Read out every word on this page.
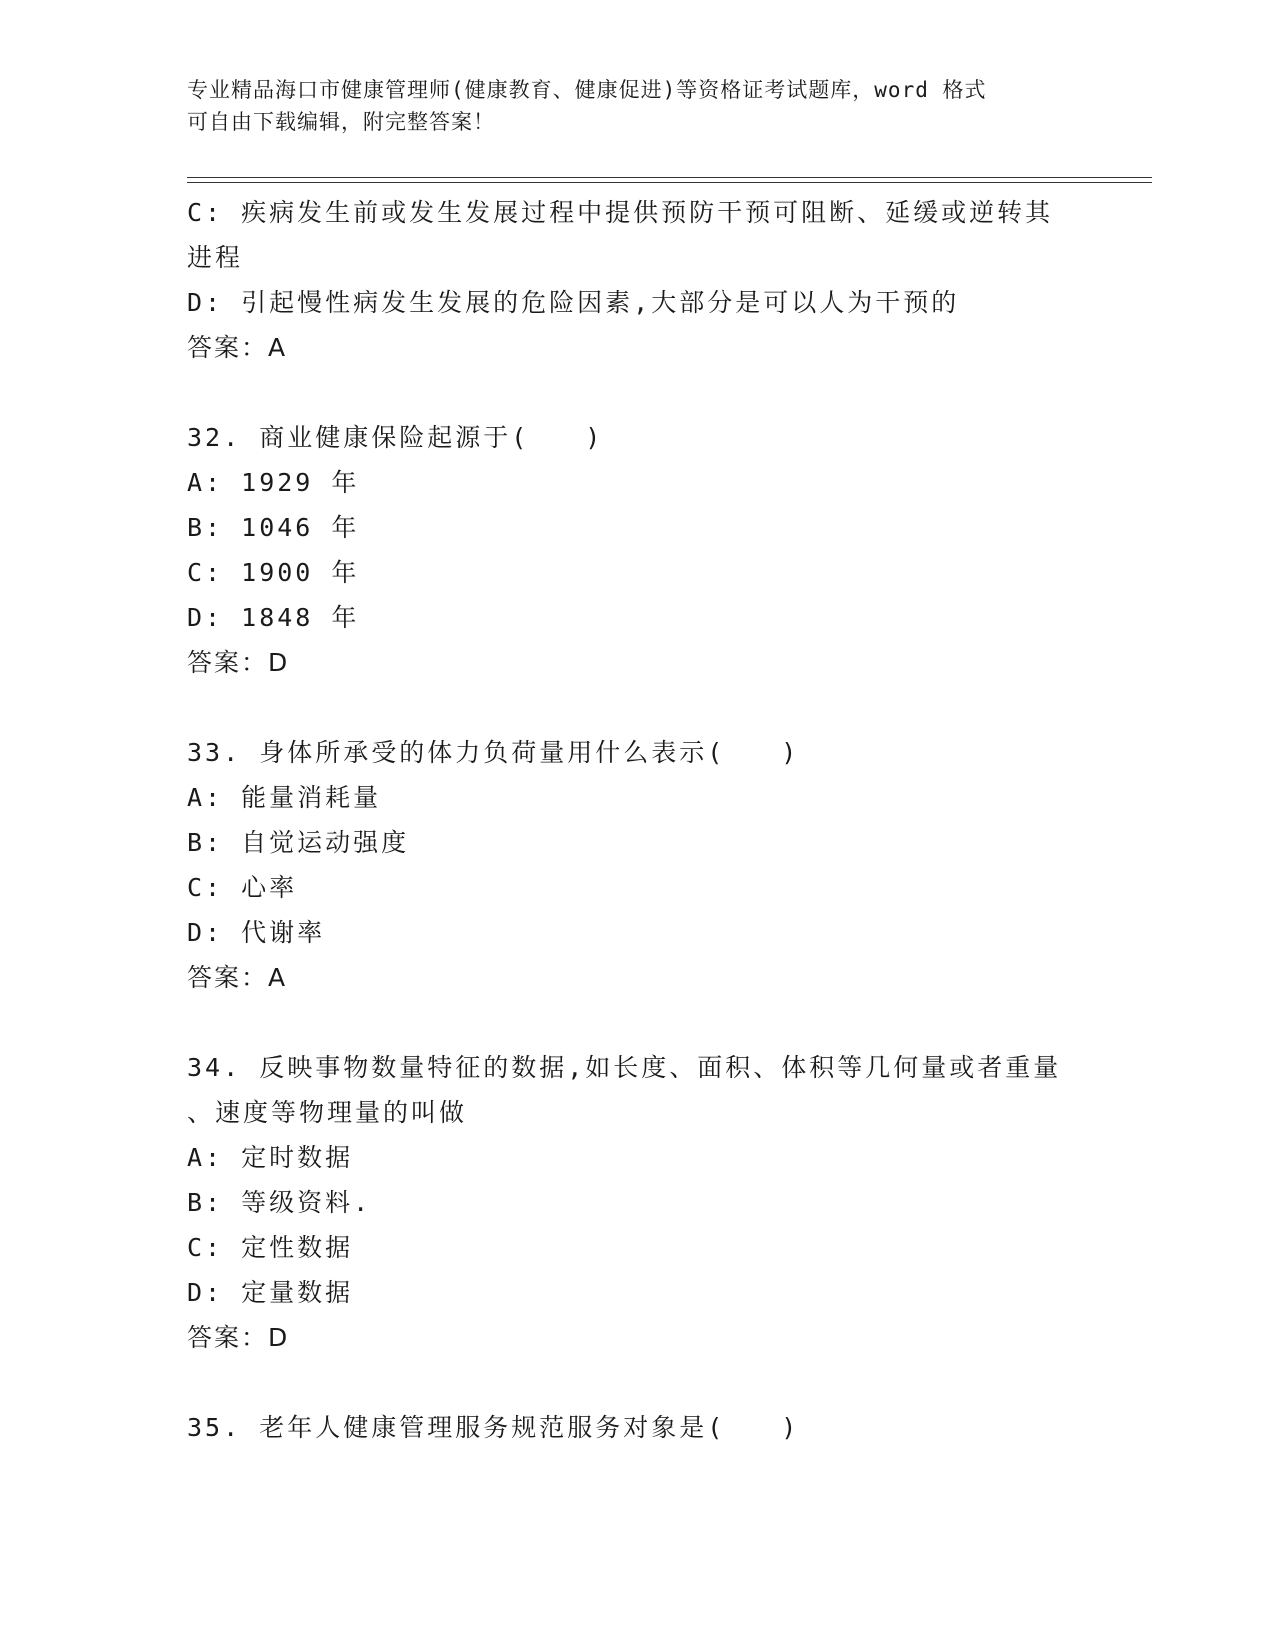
专业精品海口市健康管理师(健康教育、健康促进)等资格证考试题库，word 格式
可自由下载编辑，附完整答案！
C: 疾病发生前或发生发展过程中提供预防干预可阻断、延缓或逆转其
进程
D: 引起慢性病发生发展的危险因素,大部分是可以人为干预的
答案：A
32. 商业健康保险起源于(　　)
A: 1929 年
B: 1046 年
C: 1900 年
D: 1848 年
答案：D
33. 身体所承受的体力负荷量用什么表示(　　)
A: 能量消耗量
B: 自觉运动强度
C: 心率
D: 代谢率
答案：A
34. 反映事物数量特征的数据,如长度、面积、体积等几何量或者重量
、速度等物理量的叫做
A: 定时数据
B: 等级资料.
C: 定性数据
D: 定量数据
答案：D
35. 老年人健康管理服务规范服务对象是(　　)
